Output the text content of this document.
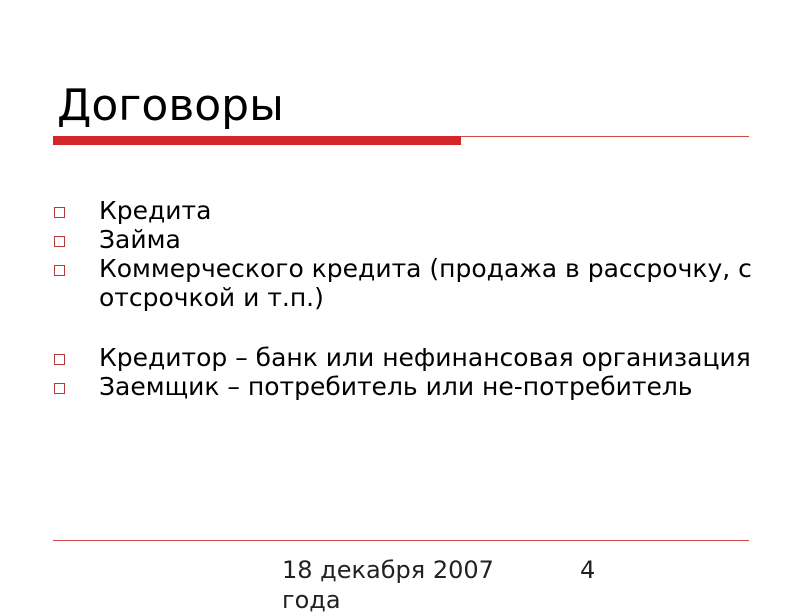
Договоры
Кредита
Займа
Коммерческого кредита (продажа в рассрочку, с отсрочкой и т.п.)
Кредитор – банк или нефинансовая организация
Заемщик – потребитель или не-потребитель
18 декабря 2007 года
4
